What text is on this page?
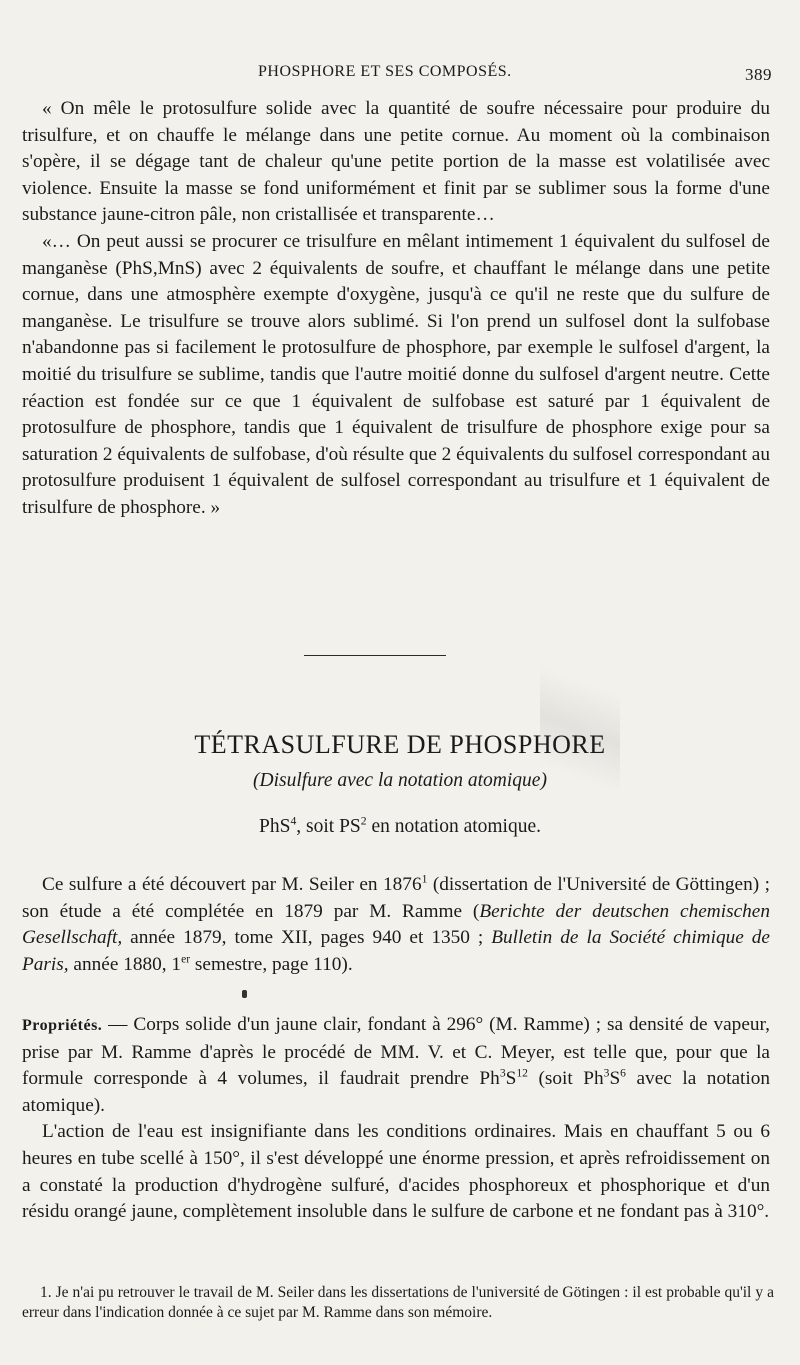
PHOSPHORE ET SES COMPOSÉS.	389

« On mêle le protosulfure solide avec la quantité de soufre nécessaire pour produire du trisulfure, et on chauffe le mélange dans une petite cornue. Au moment où la combinaison s'opère, il se dégage tant de chaleur qu'une petite portion de la masse est volatilisée avec violence. Ensuite la masse se fond uniformément et finit par se sublimer sous la forme d'une substance jaune-citron pâle, non cristallisée et transparente…

«… On peut aussi se procurer ce trisulfure en mêlant intimement 1 équivalent du sulfosel de manganèse (PhS,MnS) avec 2 équivalents de soufre, et chauffant le mélange dans une petite cornue, dans une atmosphère exempte d'oxygène, jusqu'à ce qu'il ne reste que du sulfure de manganèse. Le trisulfure se trouve alors sublimé. Si l'on prend un sulfosel dont la sulfobase n'abandonne pas si facilement le protosulfure de phosphore, par exemple le sulfosel d'argent, la moitié du trisulfure se sublime, tandis que l'autre moitié donne du sulfosel d'argent neutre. Cette réaction est fondée sur ce que 1 équivalent de sulfobase est saturé par 1 équivalent de protosulfure de phosphore, tandis que 1 équivalent de trisulfure de phosphore exige pour sa saturation 2 équivalents de sulfobase, d'où résulte que 2 équivalents du sulfosel correspondant au protosulfure produisent 1 équivalent de sulfosel correspondant au trisulfure et 1 équivalent de trisulfure de phosphore. »

TÉTRASULFURE DE PHOSPHORE
(Disulfure avec la notation atomique)
PhS$^4$, soit $PS^2$ en notation atomique.

Ce sulfure a été découvert par M. Seiler en 1876$^1$ (dissertation de l'Université de Göttingen) ; son étude a été complétée en 1879 par M. Ramme (Berichte der deutschen chemischen Gesellschaft, année 1879, tome XII, pages 940 et 1350 ; Bulletin de la Société chimique de Paris, année 1880, 1er semestre, page 110).

Propriétés. — Corps solide d'un jaune clair, fondant à 296° (M. Ramme) ; sa densité de vapeur, prise par M. Ramme d'après le procédé de MM. V. et C. Meyer, est telle que, pour que la formule corresponde à 4 volumes, il faudrait prendre $Ph^3S^{12}$ (soit $Ph^3S^6$ avec la notation atomique).

L'action de l'eau est insignifiante dans les conditions ordinaires. Mais en chauffant 5 ou 6 heures en tube scellé à 150°, il s'est développé une énorme pression, et après refroidissement on a constaté la production d'hydrogène sulfuré, d'acides phosphoreux et phosphorique et d'un résidu orangé jaune, complètement insoluble dans le sulfure de carbone et ne fondant pas à 310°.

1. Je n'ai pu retrouver le travail de M. Seiler dans les dissertations de l'université de Götingen : il est probable qu'il y a erreur dans l'indication donnée à ce sujet par M. Ramme dans son mémoire.
